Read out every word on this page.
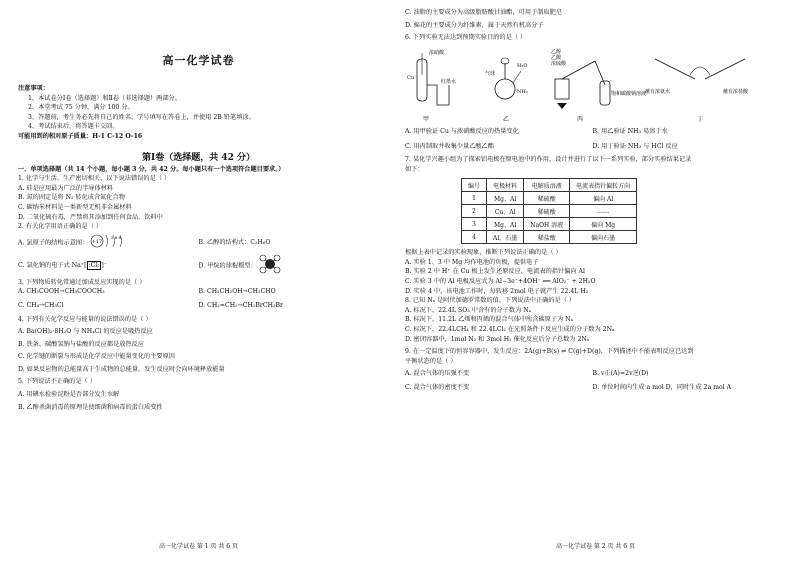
高一化学试卷
注意事项：
1、本试卷分Ⅰ卷（选择题）和Ⅱ卷（非选择题）两部分。
2、本堂考试 75 分钟，满分 100 分。
3、答题前，考生务必先将自己的姓名、学号填写在答卷上，并使用 2B 铅笔填涂。
4、考试结束后，将答题卡交回。
可能用到的相对原子质量：H-1 C-12 O-16
第Ⅰ卷（选择题，共 42 分）
一、单项选择题（共 14 个小题，每小题 3 分，共 42 分。每小题只有一个选项符合题目要求。）
1. 化学与生活、生产密切相关，以下说法错误的是（ ）
A. 硅是应用最为广泛的半导体材料
B. 氮的固定是将 N₂ 转化成含氮化合物
C. 碳纳米材料是一类新型无机非金属材料
D. 二氧化硫有毒，严禁将其添加到任何食品、饮料中
2. 有关化学用语正确的是（ ）
A. 氯原子的结构示意图： +17
2 8 8
B. 乙醇的结构式：C₂H₆O
C. 氯化钠的电子式 Na⁺[ :Cl: ]⁻	D. 甲烷的球棍模型：
3. 下列物质转化常通过加成反应实现的是（ ）
A. CH₃COOH→CH₃COOCH₃	B. CH₃CH₂OH→CH₃CHO
C. CH₄→CH₃Cl	D. CH₂=CH₂→CH₂BrCH₂Br
4. 下列有关化学反应与能量的说法错误的是（ ）
A. Ba(OH)₂·8H₂O 与 NH₄Cl 的反应是吸热反应
B. 铁条、碳酸氢钠与盐酸的反应都是放热反应
C. 化学键的断裂与形成是化学反应中能量变化的主要原因
D. 如果反应物的总能量高于生成物的总能量，发生反应时会向环境释放能量
5. 下列说法不正确的是（ ）
A. 用碘水检验淀粉是否部分发生水解
B. 乙醇杀菌消毒的原理是使细菌和病毒的蛋白质变性
高一化学试卷 第 1 页 共 6 页
C. 油脂的主要成分为高级脂肪酸甘油酯，可用于制取肥皂
D. 棉花的主要成分为纤维素，属于天然有机高分子
6. 下列实验无法达到预期实验目的的是（ ）
浓硝酸
Cu
红墨水
甲
气球
H₂O
NH₃
乙
乙醇
乙酸
浓硫酸
饱和碳酸钠溶液
丙
蘸有浓氨水	蘸有浓盐酸
丁
A. 用甲验证 Cu 与浓硝酸反应的热量变化	B. 用乙验证 NH₃ 易溶于水
C. 用丙制取并收集少量乙酸乙酯	D. 用丁验证 NH₃ 与 HCl 反应
7. 某化学兴趣小组为了探索铝电极在原电池中的作用，设计并进行了以下一系列实验，部分实验结果记录
如下：
编号	电极材料	电解质溶液	电流表指针偏转方向
1	Mg、Al	稀硫酸	偏向 Al
2	Cu、Al	稀硫酸	……
3	Mg、Al	NaOH 溶液	偏向 Mg
4	Al、石墨	稀盐酸	偏向石墨
根据上表中记录的实验现象，推断下列说法正确的是（ ）
A. 实验 1、3 中 Mg 均作电池的负极，提供电子
B. 实验 2 中 H⁺ 在 Cu 极上发生还原反应，电流表的指针偏向 Al
C. 实验 3 中的 Al 电极反应式为 Al−3e⁻+4OH⁻ ══ AlO₂⁻ + 2H₂O
D. 实验 4 中，该电池工作时，每转移 2mol 电子就产生 22.4L H₂
8. 已知 Nₐ 是阿伏加德罗常数的值，下列说法中正确的是（ ）
A. 标况下，22.4L SO₃ 中含有的分子数为 Nₐ
B. 标况下，11.2L 乙烯和丙烯的混合气体中所含碳原子为 Nₐ
C. 标况下，22.4LCH₄ 和 22.4LCl₂ 在光照条件下反应生成的分子数为 2Nₐ
D. 密闭容器中，1mol N₂ 和 3mol H₂ 催化反应后分子总数为 2Nₐ
9. 在一定温度下的恒容容器中，发生反应：2A(g)+B(s) ⇌ C(g)+D(g)，下列描述中不能表明反应已达到
平衡状态的是（ ）
A. 混合气体的压强不变	B. v正(A)=2v逆(D)
C. 混合气体的密度不变	D. 单位时间内生成 a mol D，同时生成 2a mol A
高一化学试卷 第 2 页 共 6 页
